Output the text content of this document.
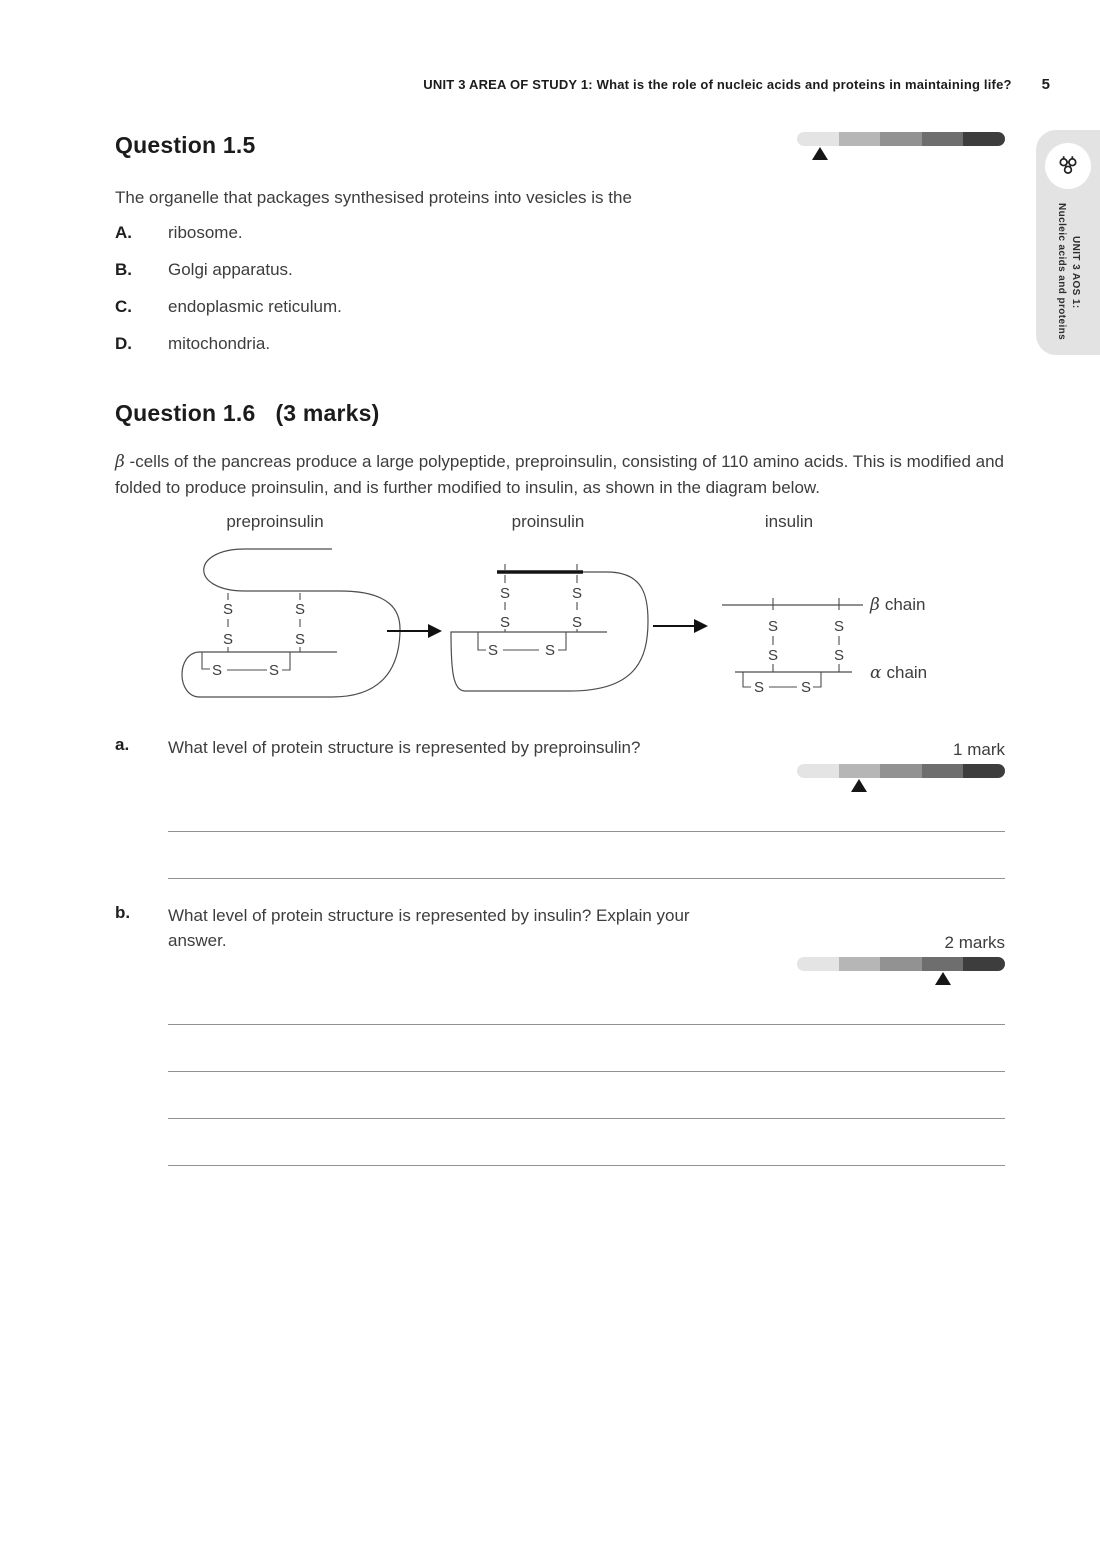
UNIT 3 AREA OF STUDY 1: What is the role of nucleic acids and proteins in maintaining life? 5
UNIT 3 AOS 1:
Nucleic acids and proteins
Question 1.5

The organelle that packages synthesised proteins into vesicles is the

A.	ribosome.
B.	Golgi apparatus.
C.	endoplasmic reticulum.
D.	mitochondria.
Question 1.6 (3 marks)

β -cells of the pancreas produce a large polypeptide, preproinsulin, consisting of 110 amino acids. This is modified and folded to produce proinsulin, and is further modified to insulin, as shown in the diagram below.

preproinsulin	proinsulin	insulin
S
S
S
S
S	S
S
S
S
S
S	S
β chain
α chain
S
S
S
S
S S
a.	What level of protein structure is represented by preproinsulin?	1 mark
b.	What level of protein structure is represented by insulin? Explain your answer.	2 marks
